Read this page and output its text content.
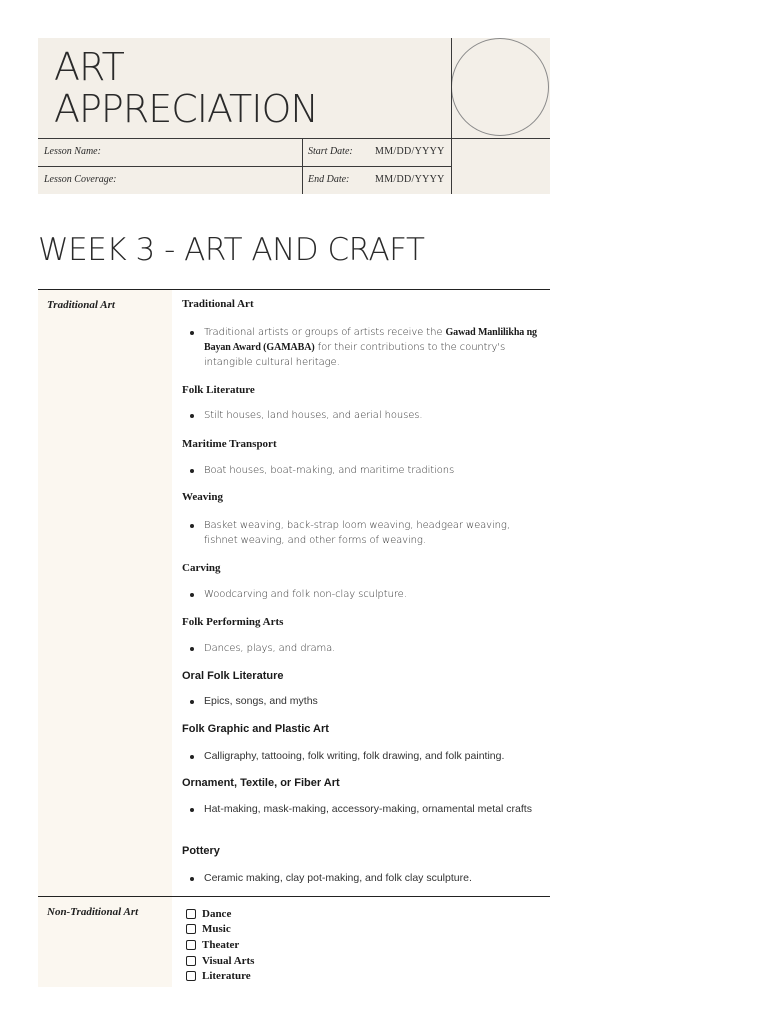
ART
APPRECIATION
Lesson Name:
Lesson Coverage:
Start Date:
End Date:
MM/DD/YYYY
MM/DD/YYYY
WEEK 3 - ART AND CRAFT
Traditional Art
Non-Traditional Art

Traditional Art

Traditional artists or groups of artists receive the Gawad Manlilikha ng Bayan Award (GAMABA) for their contributions to the country's intangible cultural heritage.

Folk Literature

Stilt houses, land houses, and aerial houses.

Maritime Transport

Boat houses, boat-making, and maritime traditions

Weaving

Basket weaving, back-strap loom weaving, headgear weaving, fishnet weaving, and other forms of weaving.

Carving

Woodcarving and folk non-clay sculpture.

Folk Performing Arts

Dances, plays, and drama.

Oral Folk Literature

Epics, songs, and myths

Folk Graphic and Plastic Art

Calligraphy, tattooing, folk writing, folk drawing, and folk painting.

Ornament, Textile, or Fiber Art

Hat-making, mask-making, accessory-making, ornamental metal crafts

Pottery

Ceramic making, clay pot-making, and folk clay sculpture.

Dance
Music
Theater
Visual Arts
Literature
